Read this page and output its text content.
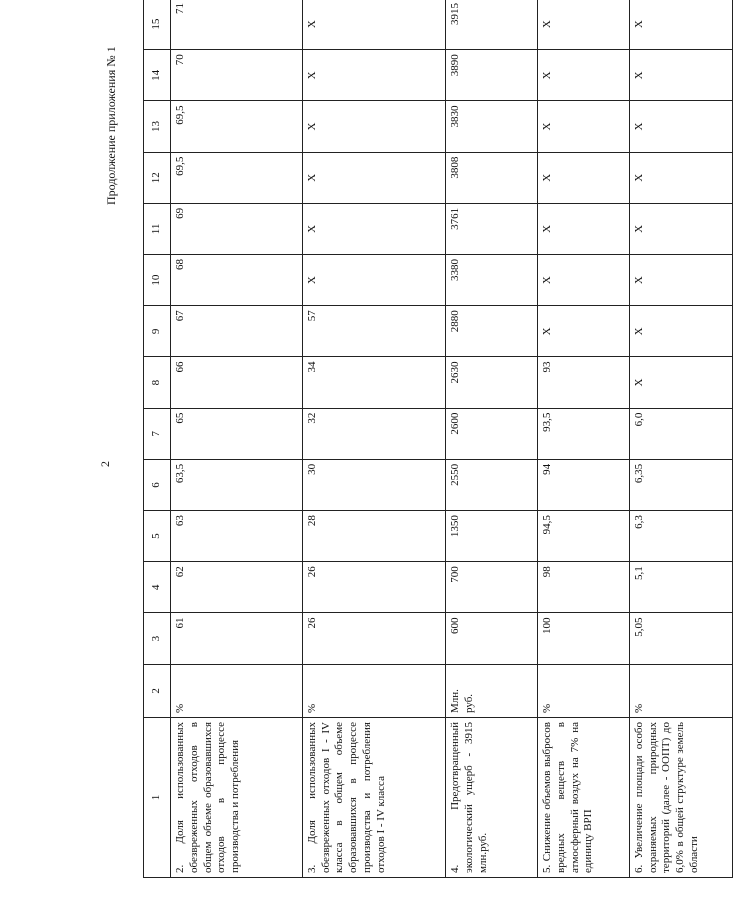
2
Продолжение приложения № 1
1	2	3	4	5	6	7	8	9	10	11	12	13	14	15
2. Доля использованных обезвреженных отходов в общем объеме образовавшихся отходов в процессе производства и потребления	%	61	62	63	63,5	65	66	67	68	69	69,5	69,5	70	71
3. Доля использованных обезвреженных отходов I - IV класса в общем объеме образовавшихся в процессе производства и потребления отходов I - IV класса	%	26	26	28	30	32	34	57	X	X	X	X	X	X
4. Предотвращенный экологический ущерб - 3915 млн.руб.	Млн. руб.	600	700	1350	2550	2600	2630	2880	3380	3761	3808	3830	3890	3915
5. Снижение объемов выбросов вредных веществ в атмосферный воздух на 7% на единицу ВРП	%	100	98	94,5	94	93,5	93	X	X	X	X	X	X	X
6. Увеличение площади особо охраняемых природных территорий (далее - ООПТ) до 6,0% в общей структуре земель области	%	5,05	5,1	6,3	6,35	6,0	X	X	X	X	X	X	X	X
